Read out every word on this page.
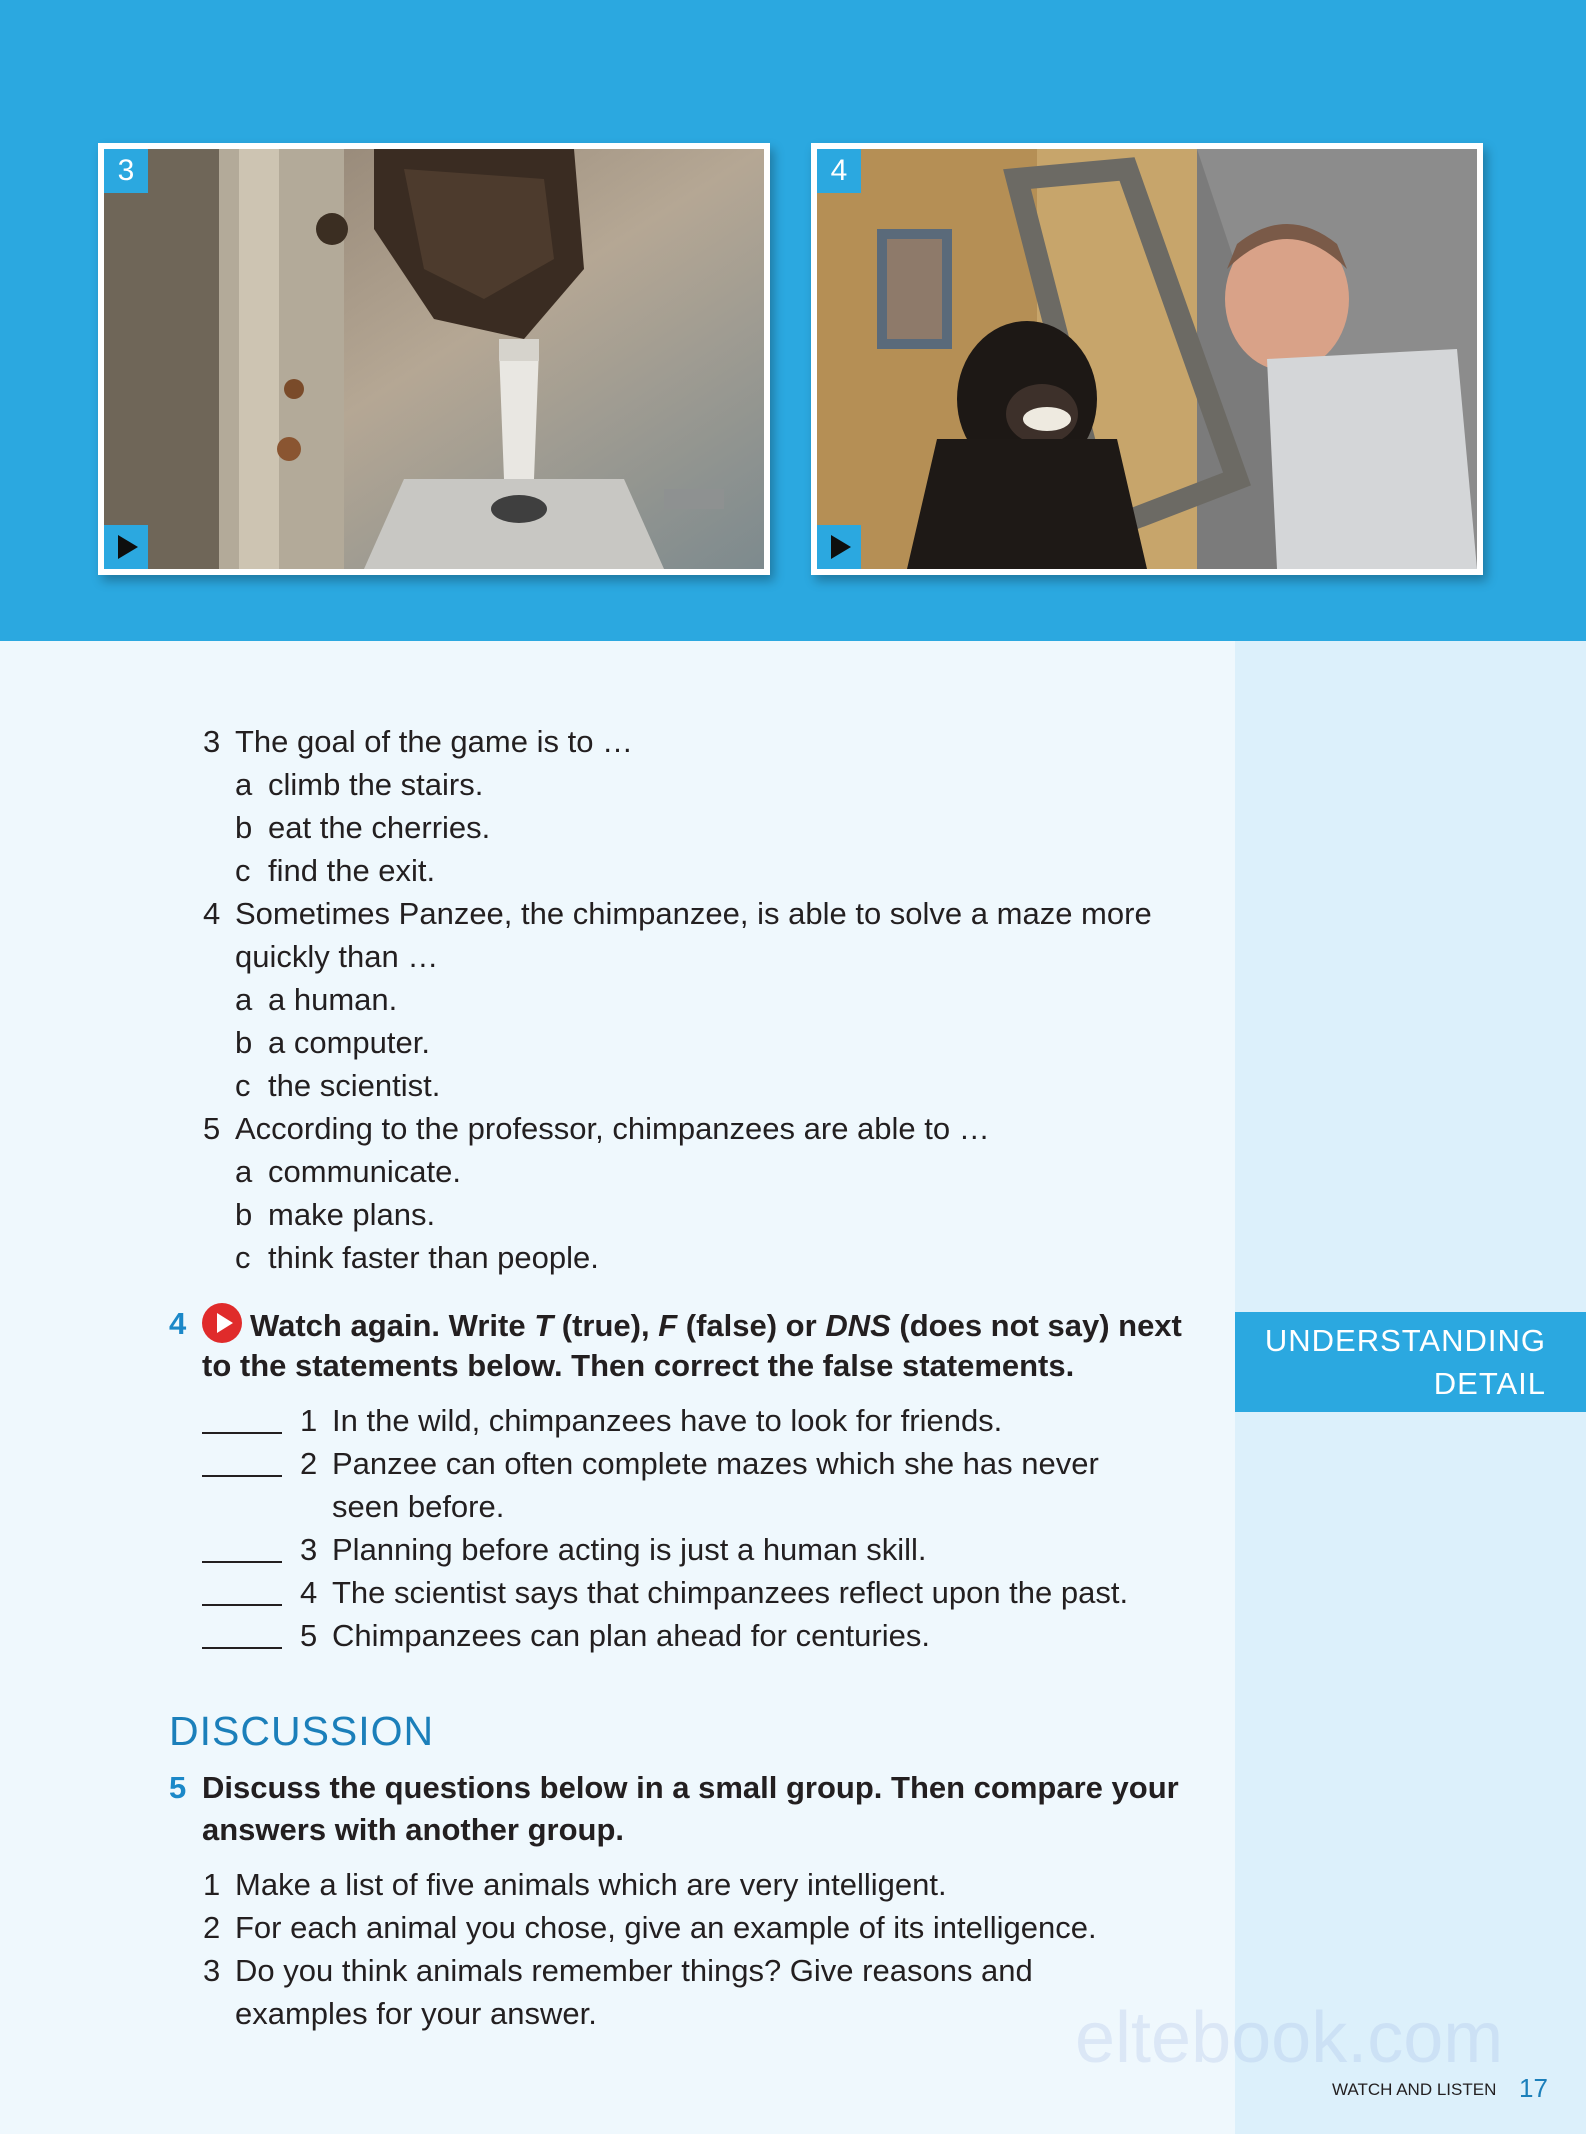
3	4
UNDERSTANDING
DETAIL
3 The goal of the game is to …
a climb the stairs.
b eat the cherries.
c find the exit.
4 Sometimes Panzee, the chimpanzee, is able to solve a maze more
quickly than …
a a human.
b a computer.
c the scientist.
5 According to the professor, chimpanzees are able to …
a communicate.
b make plans.
c think faster than people.
4	Watch again. Write T (true), F (false) or DNS (does not say) next
to the statements below. Then correct the false statements.
1 In the wild, chimpanzees have to look for friends.
2 Panzee can often complete mazes which she has never
seen before.
3 Planning before acting is just a human skill.
4 The scientist says that chimpanzees reflect upon the past.
5 Chimpanzees can plan ahead for centuries.
DISCUSSION
5 Discuss the questions below in a small group. Then compare your
answers with another group.
1 Make a list of five animals which are very intelligent.
2 For each animal you chose, give an example of its intelligence.
3 Do you think animals remember things? Give reasons and
examples for your answer.	eltebook.com
WATCH AND LISTEN 17
